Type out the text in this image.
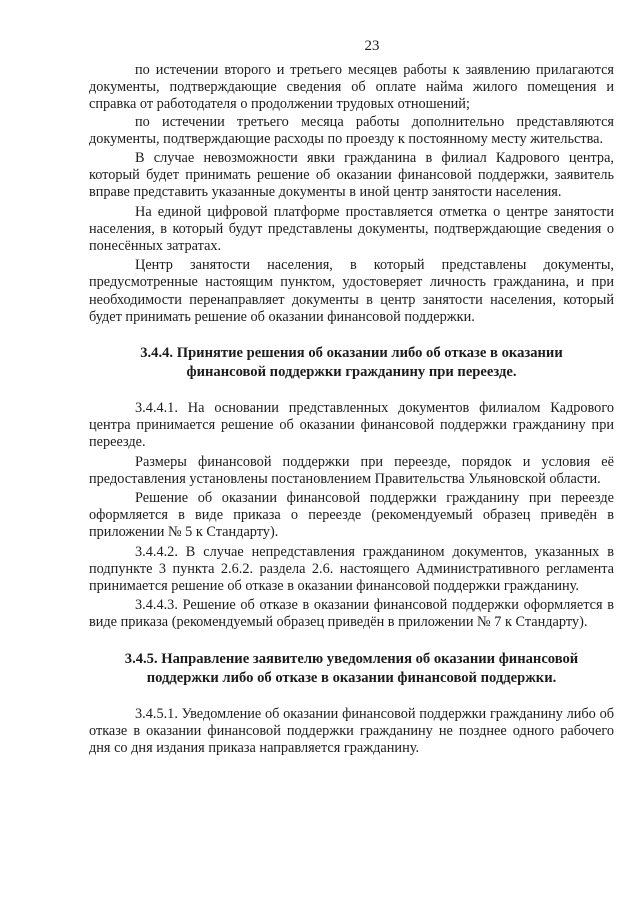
23

по истечении второго и третьего месяцев работы к заявлению прилагаются документы, подтверждающие сведения об оплате найма жилого помещения и справка от работодателя о продолжении трудовых отношений;

по истечении третьего месяца работы дополнительно представляются документы, подтверждающие расходы по проезду к постоянному месту жительства.

В случае невозможности явки гражданина в филиал Кадрового центра, который будет принимать решение об оказании финансовой поддержки, заявитель вправе представить указанные документы в иной центр занятости населения.

На единой цифровой платформе проставляется отметка о центре занятости населения, в который будут представлены документы, подтверждающие сведения о понесённых затратах.

Центр занятости населения, в который представлены документы, предусмотренные настоящим пунктом, удостоверяет личность гражданина, и при необходимости перенаправляет документы в центр занятости населения, который будет принимать решение об оказании финансовой поддержки.

3.4.4. Принятие решения об оказании либо об отказе в оказании
финансовой поддержки гражданину при переезде.

3.4.4.1. На основании представленных документов филиалом Кадрового центра принимается решение об оказании финансовой поддержки гражданину при переезде.

Размеры финансовой поддержки при переезде, порядок и условия её предоставления установлены постановлением Правительства Ульяновской области.

Решение об оказании финансовой поддержки гражданину при переезде оформляется в виде приказа о переезде (рекомендуемый образец приведён в приложении № 5 к Стандарту).

3.4.4.2. В случае непредставления гражданином документов, указанных в подпункте 3 пункта 2.6.2. раздела 2.6. настоящего Административного регламента принимается решение об отказе в оказании финансовой поддержки гражданину.

3.4.4.3. Решение об отказе в оказании финансовой поддержки оформляется в виде приказа (рекомендуемый образец приведён в приложении № 7 к Стандарту).

3.4.5. Направление заявителю уведомления об оказании финансовой
поддержки либо об отказе в оказании финансовой поддержки.

3.4.5.1. Уведомление об оказании финансовой поддержки гражданину либо об отказе в оказании финансовой поддержки гражданину не позднее одного рабочего дня со дня издания приказа направляется гражданину.
